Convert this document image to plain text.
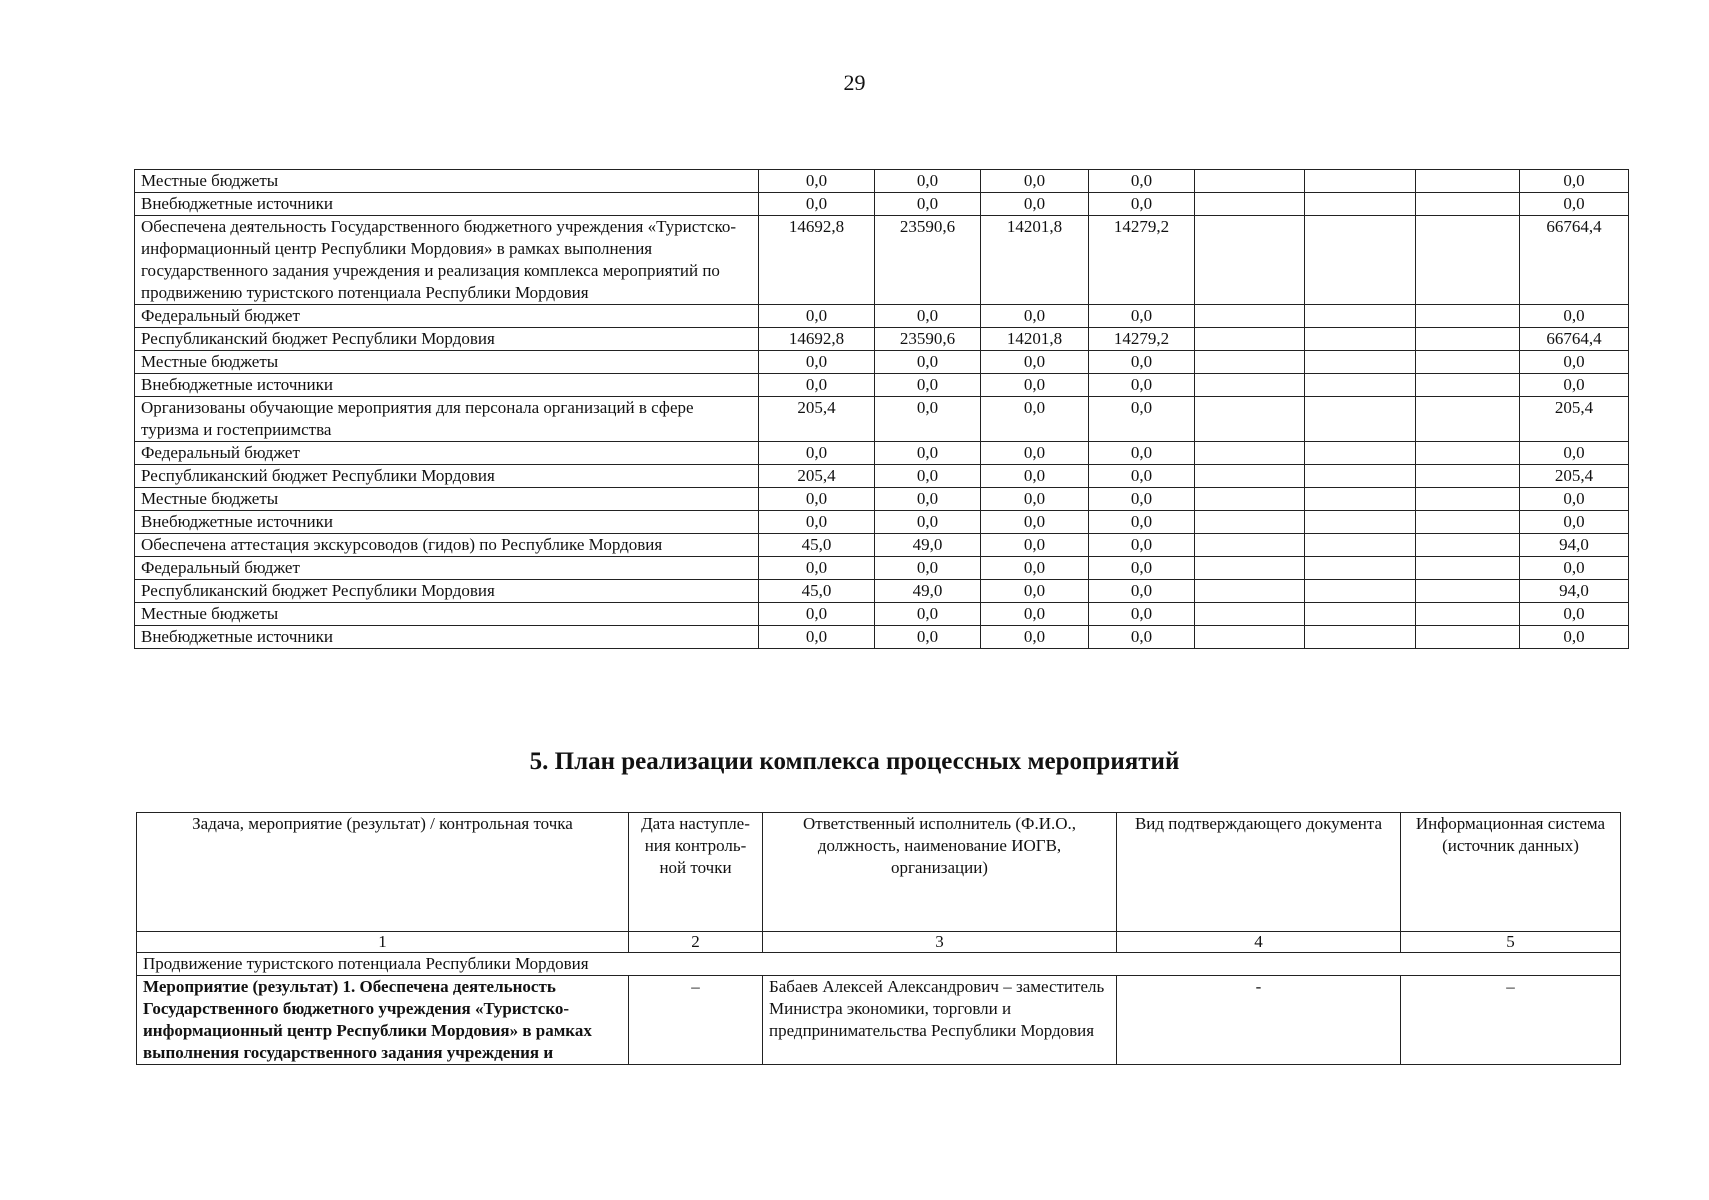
29
Местные бюджеты	0,0	0,0	0,0	0,0				0,0
Внебюджетные источники	0,0	0,0	0,0	0,0				0,0
Обеспечена деятельность Государственного бюджетного учреждения «Туристско-информационный центр Республики Мордовия» в рамках выполнения государственного задания учреждения и реализация комплекса мероприятий по продвижению туристского потенциала Республики Мордовия	14692,8	23590,6	14201,8	14279,2				66764,4
Федеральный бюджет	0,0	0,0	0,0	0,0				0,0
Республиканский бюджет Республики Мордовия	14692,8	23590,6	14201,8	14279,2				66764,4
Местные бюджеты	0,0	0,0	0,0	0,0				0,0
Внебюджетные источники	0,0	0,0	0,0	0,0				0,0
Организованы обучающие мероприятия для персонала организаций в сфере туризма и гостеприимства	205,4	0,0	0,0	0,0				205,4
Федеральный бюджет	0,0	0,0	0,0	0,0				0,0
Республиканский бюджет Республики Мордовия	205,4	0,0	0,0	0,0				205,4
Местные бюджеты	0,0	0,0	0,0	0,0				0,0
Внебюджетные источники	0,0	0,0	0,0	0,0				0,0
Обеспечена аттестация экскурсоводов (гидов) по Республике Мордовия	45,0	49,0	0,0	0,0				94,0
Федеральный бюджет	0,0	0,0	0,0	0,0				0,0
Республиканский бюджет Республики Мордовия	45,0	49,0	0,0	0,0				94,0
Местные бюджеты	0,0	0,0	0,0	0,0				0,0
Внебюджетные источники	0,0	0,0	0,0	0,0				0,0
5. План реализации комплекса процессных мероприятий
Задача, мероприятие (результат) / контрольная точка	Дата наступле-ния контроль-ной точки	Ответственный исполнитель (Ф.И.О., должность, наименование ИОГВ, организации)	Вид подтверждающего документа	Информационная система (источник данных)
1	2	3	4	5
Продвижение туристского потенциала Республики Мордовия				
Мероприятие (результат) 1. Обеспечена деятельность Государственного бюджетного учреждения «Туристско-информационный центр Республики Мордовия» в рамках выполнения государственного задания учреждения и	–	Бабаев Алексей Александрович – заместитель Министра экономики, торговли и предпринимательства Республики Мордовия	-	–
